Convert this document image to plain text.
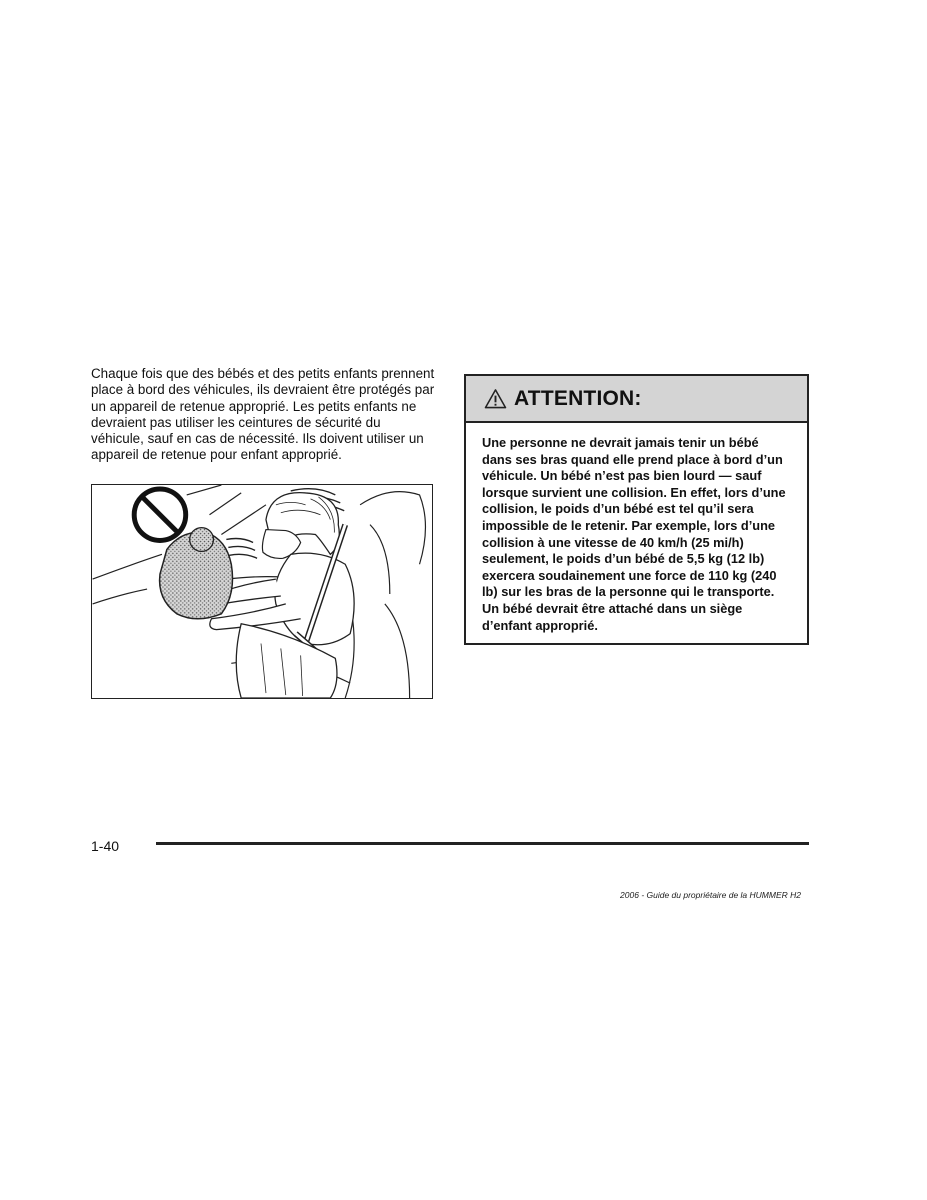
Chaque fois que des bébés et des petits enfants prennent place à bord des véhicules, ils devraient être protégés par un appareil de retenue approprié. Les petits enfants ne devraient pas utiliser les ceintures de sécurité du véhicule, sauf en cas de nécessité. Ils doivent utiliser un appareil de retenue pour enfant approprié.

ATTENTION:

Une personne ne devrait jamais tenir un bébé dans ses bras quand elle prend place à bord d’un véhicule. Un bébé n’est pas bien lourd — sauf lorsque survient une collision. En effet, lors d’une collision, le poids d’un bébé est tel qu’il sera impossible de le retenir. Par exemple, lors d’une collision à une vitesse de 40 km/h (25 mi/h) seulement, le poids d’un bébé de 5,5 kg (12 lb) exercera soudainement une force de 110 kg (240 lb) sur les bras de la personne qui le transporte. Un bébé devrait être attaché dans un siège d’enfant approprié.

1-40
2006 - Guide du propriétaire de la HUMMER H2
